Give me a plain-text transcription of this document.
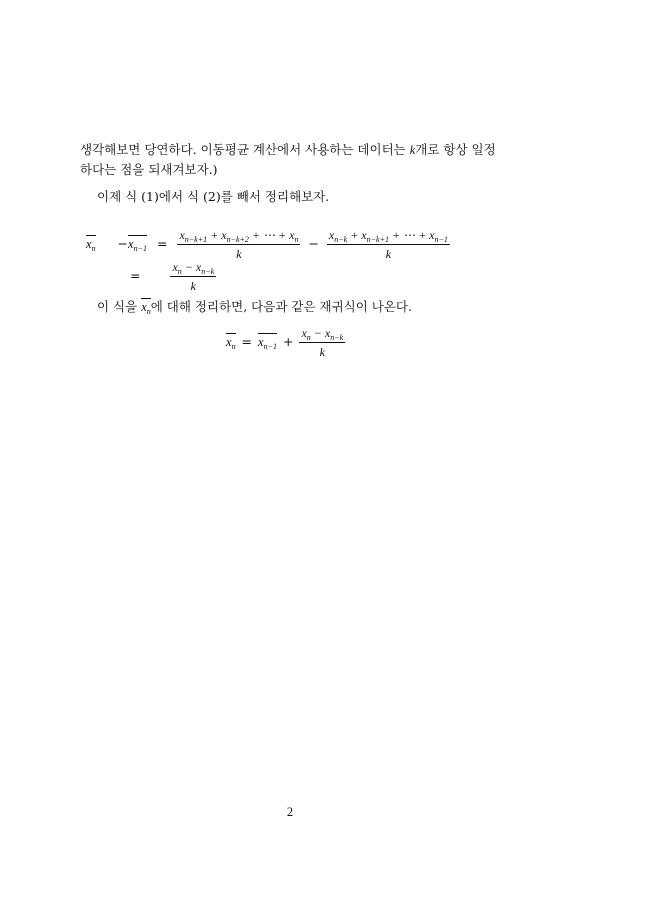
생각해보면 당연하다. 이동평균 계산에서 사용하는 데이터는 k개로 항상 일정
하다는 점을 되새겨보자.)
이제 식 (1)에서 식 (2)를 빼서 정리해보자.
$x_n -x_{n-1} = \frac{x_{n-k+1} + x_{n-k+2} + \cdots + x_n}{k} - \frac{x_{n-k} + x_{n-k+1} + \cdots + x_{n-1}}{k}$
= $\frac{x_n - x_{n-k}}{k}$
이 식을 $x_n$에 대해 정리하면, 다음과 같은 재귀식이 나온다.
$x_n = x_{n-1} + \frac{x_n - x_{n-k}}{k}$
2
